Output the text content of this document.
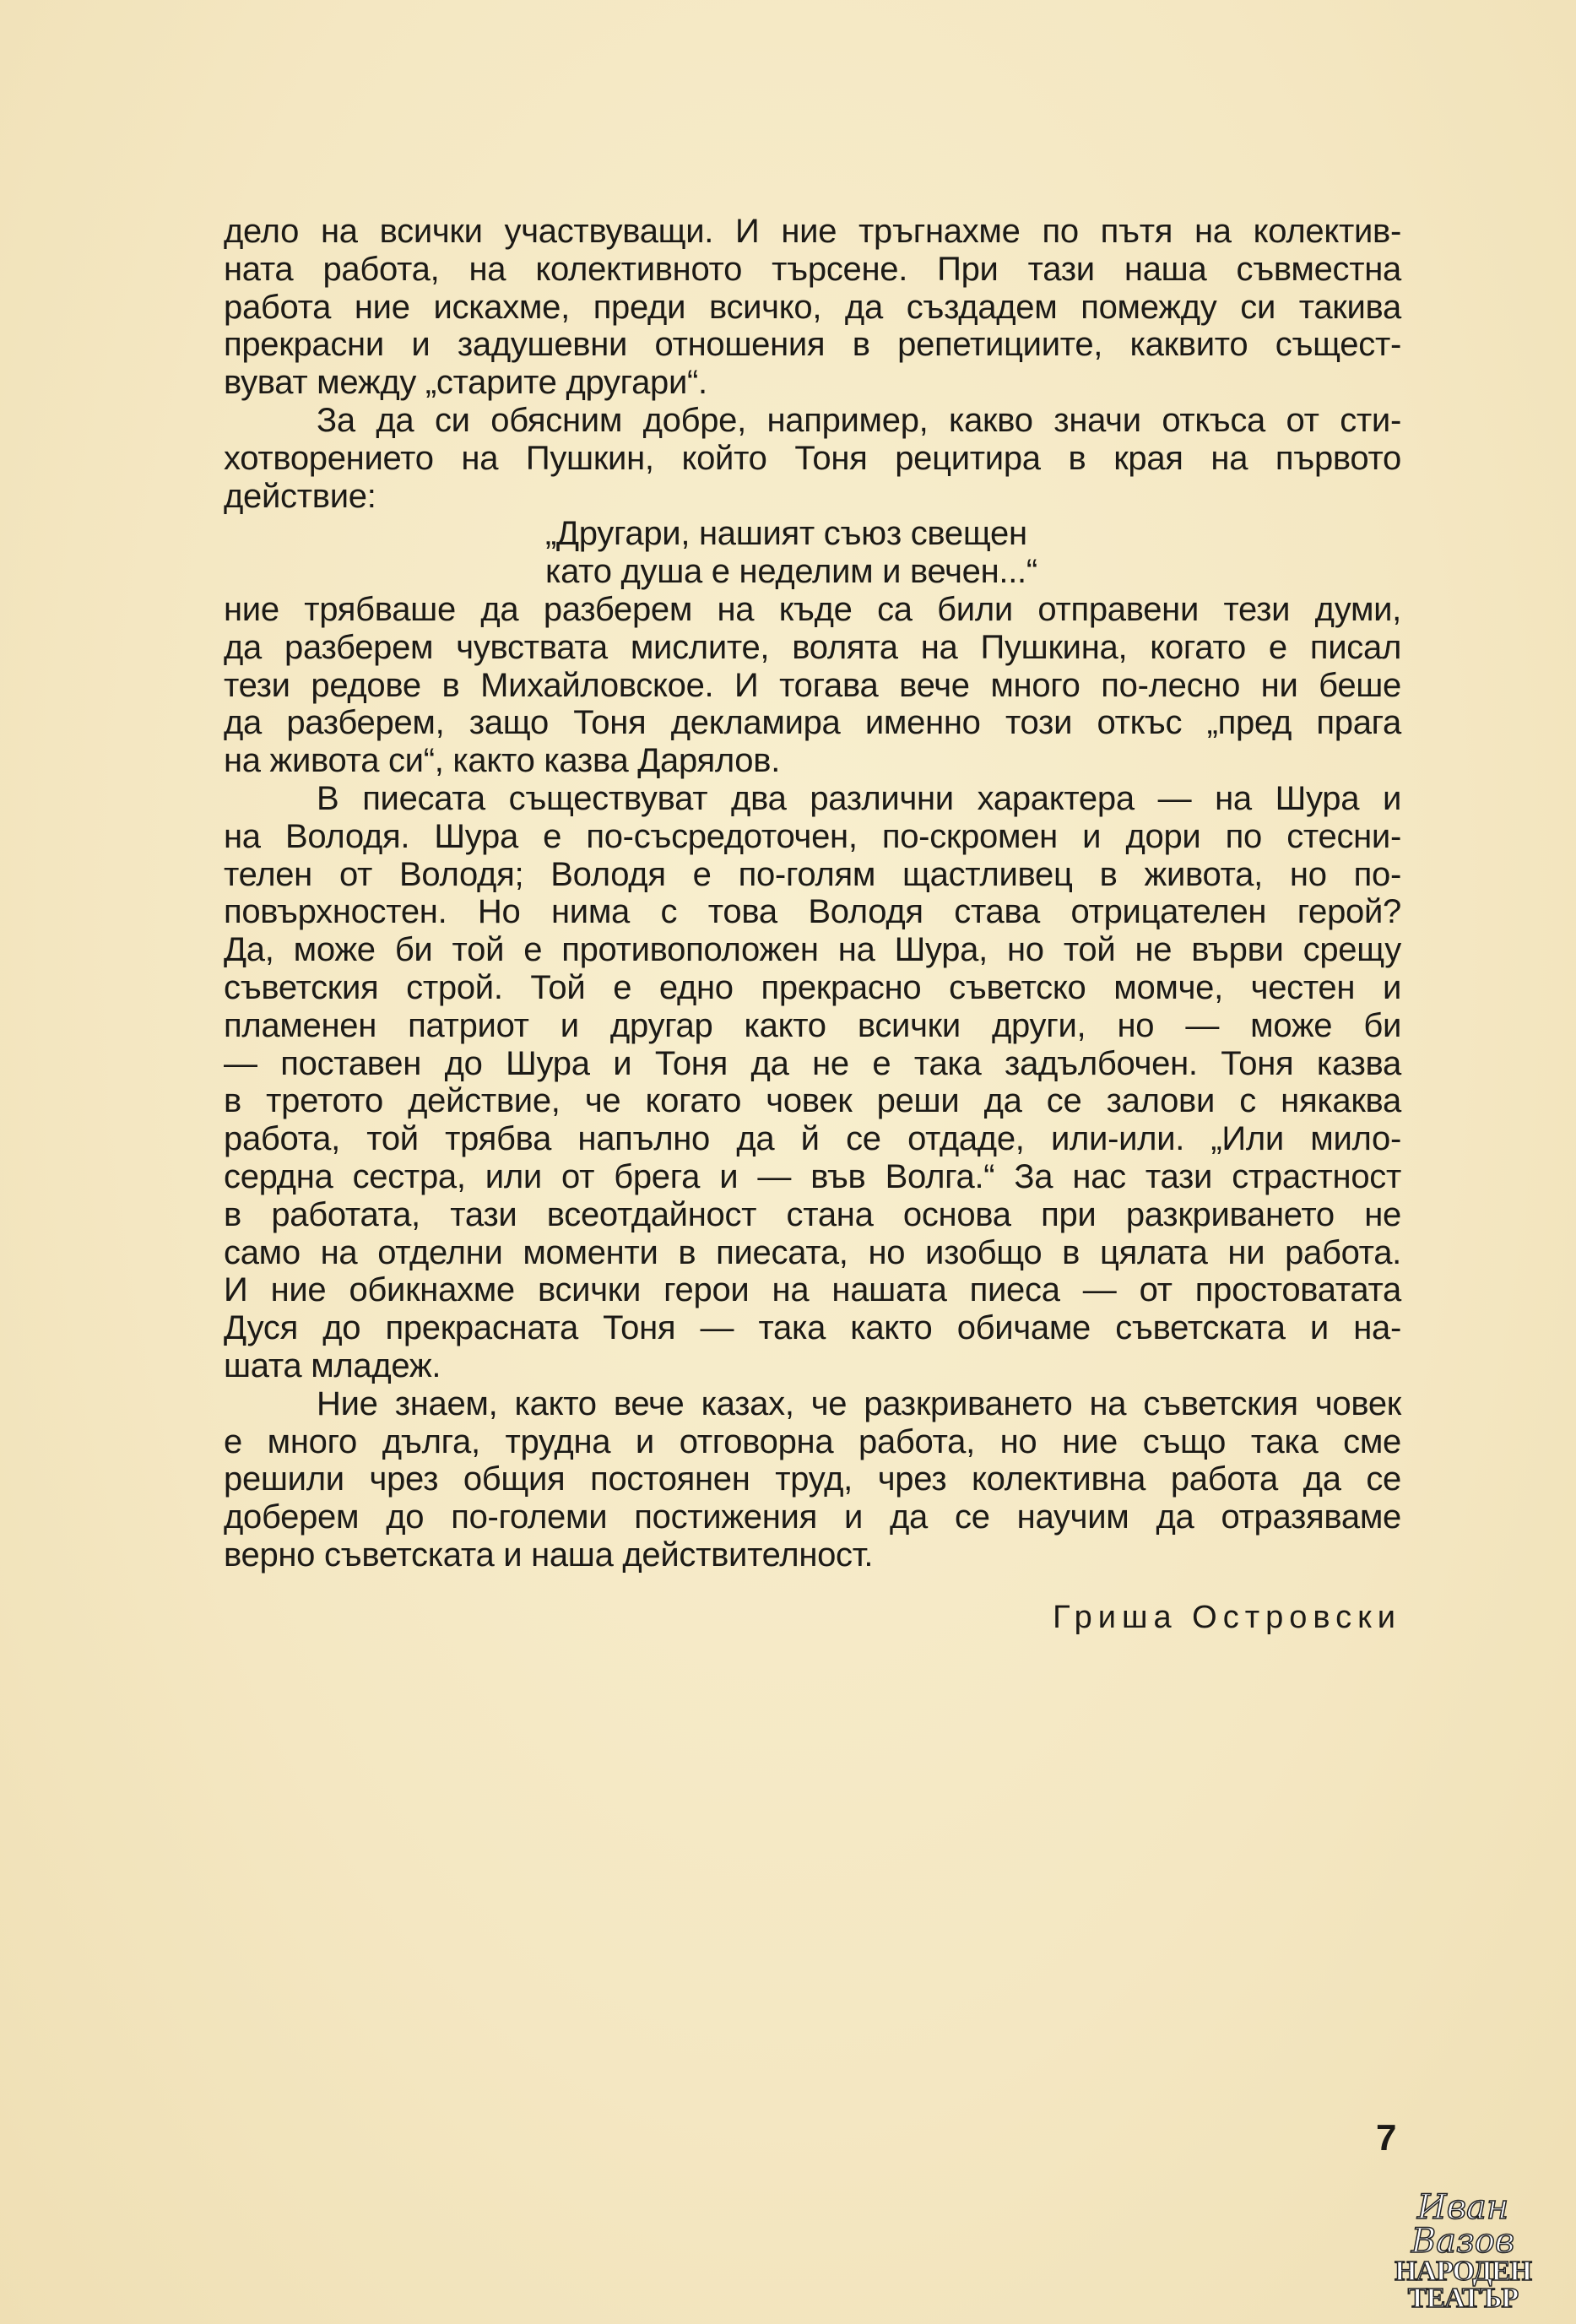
дело на всички участвуващи. И ние тръгнахме по пътя на колектив-
ната работа, на колективното търсене. При тази наша съвместна
работа ние искахме, преди всичко, да създадем помежду си такива
прекрасни и задушевни отношения в репетициите, каквито същест-
вуват между „старите другари“.
За да си обясним добре, например, какво значи откъса от сти-
хотворението на Пушкин, който Тоня рецитира в края на първото
действие:
„Другари, нашият съюз свещен
като душа е неделим и вечен...“
ние трябваше да разберем на къде са били отправени тези думи,
да разберем чувствата мислите, волята на Пушкина, когато е писал
тези редове в Михайловское. И тогава вече много по-лесно ни беше
да разберем, защо Тоня декламира именно този откъс „пред прага
на живота си“, както казва Дарялов.
В пиесата съществуват два различни характера — на Шура и
на Володя. Шура е по-съсредоточен, по-скромен и дори по стесни-
телен от Володя; Володя е по-голям щастливец в живота, но по-
повърхностен. Но нима с това Володя става отрицателен герой?
Да, може би той е противоположен на Шура, но той не върви срещу
съветския строй. Той е едно прекрасно съветско момче, честен и
пламенен патриот и другар както всички други, но — може би
— поставен до Шура и Тоня да не е така задълбочен. Тоня казва
в третото действие, че когато човек реши да се залови с някаква
работа, той трябва напълно да й се отдаде, или-или. „Или мило-
сердна сестра, или от брега и — във Волга.“ За нас тази страстност
в работата, тази всеотдайност стана основа при разкриването не
само на отделни моменти в пиесата, но изобщо в цялата ни работа.
И ние обикнахме всички герои на нашата пиеса — от простоватата
Дуся до прекрасната Тоня — така както обичаме съветската и на-
шата младеж.
Ние знаем, както вече казах, че разкриването на съветския човек
е много дълга, трудна и отговорна работа, но ние също така сме
решили чрез общия постоянен труд, чрез колективна работа да се
доберем до по-големи постижения и да се научим да отразяваме
верно съветската и наша действителност.
Гриша Островски
7
Иван Вазов
НАРОДЕН
ТЕАТЪР
